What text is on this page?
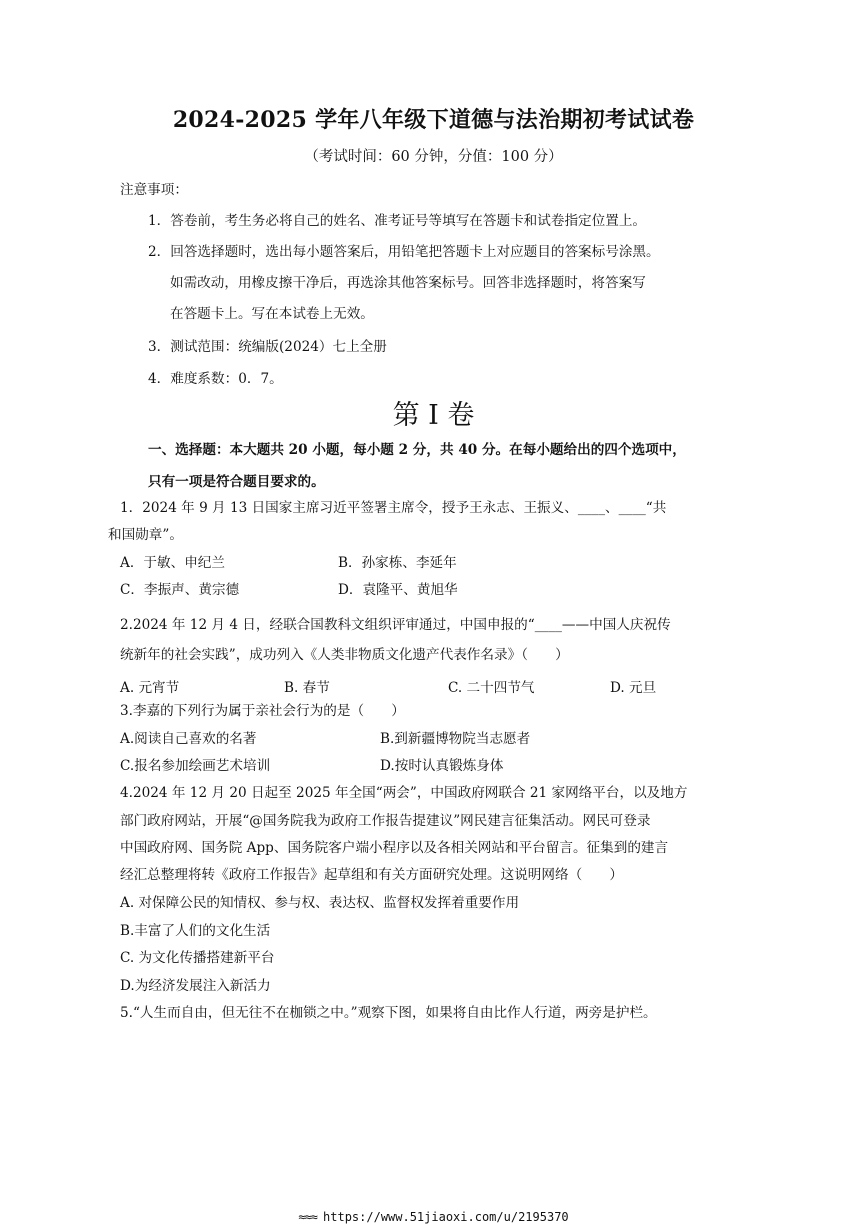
2024-2025 学年八年级下道德与法治期初考试试卷
（考试时间：60 分钟，分值：100 分）
注意事项：
1．答卷前，考生务必将自己的姓名、准考证号等填写在答题卡和试卷指定位置上。
2．回答选择题时，选出每小题答案后，用铅笔把答题卡上对应题目的答案标号涂黑。
如需改动，用橡皮擦干净后，再选涂其他答案标号。回答非选择题时，将答案写
在答题卡上。写在本试卷上无效。
3．测试范围：统编版(2024）七上全册
4．难度系数：0．7。
第 I 卷
一、选择题：本大题共 20 小题，每小题 2 分，共 40 分。在每小题给出的四个选项中，
只有一项是符合题目要求的。
1．2024 年 9 月 13 日国家主席习近平签署主席令，授予王永志、王振义、____、____“共
和国勋章”。
A．于敏、申纪兰	B．孙家栋、李延年
C．李振声、黄宗德	D．袁隆平、黄旭华
2.2024 年 12 月 4 日，经联合国教科文组织评审通过，中国申报的“____——中国人庆祝传
统新年的社会实践”，成功列入《人类非物质文化遗产代表作名录》（　　）
A. 元宵节	B. 春节	C. 二十四节气	D. 元旦
3.李嘉的下列行为属于亲社会行为的是（　　）
A.阅读自己喜欢的名著	B.到新疆博物院当志愿者
C.报名参加绘画艺术培训	D.按时认真锻炼身体
4.2024 年 12 月 20 日起至 2025 年全国“两会”，中国政府网联合 21 家网络平台，以及地方
部门政府网站，开展“@国务院我为政府工作报告提建议”网民建言征集活动。网民可登录
中国政府网、国务院 App、国务院客户端小程序以及各相关网站和平台留言。征集到的建言
经汇总整理将转《政府工作报告》起草组和有关方面研究处理。这说明网络（　　）
A. 对保障公民的知情权、参与权、表达权、监督权发挥着重要作用
B.丰富了人们的文化生活
C. 为文化传播搭建新平台
D.为经济发展注入新活力
5.“人生而自由，但无往不在枷锁之中。”观察下图，如果将自由比作人行道，两旁是护栏。
≈≈≈ https://www.51jiaoxi.com/u/2195370
